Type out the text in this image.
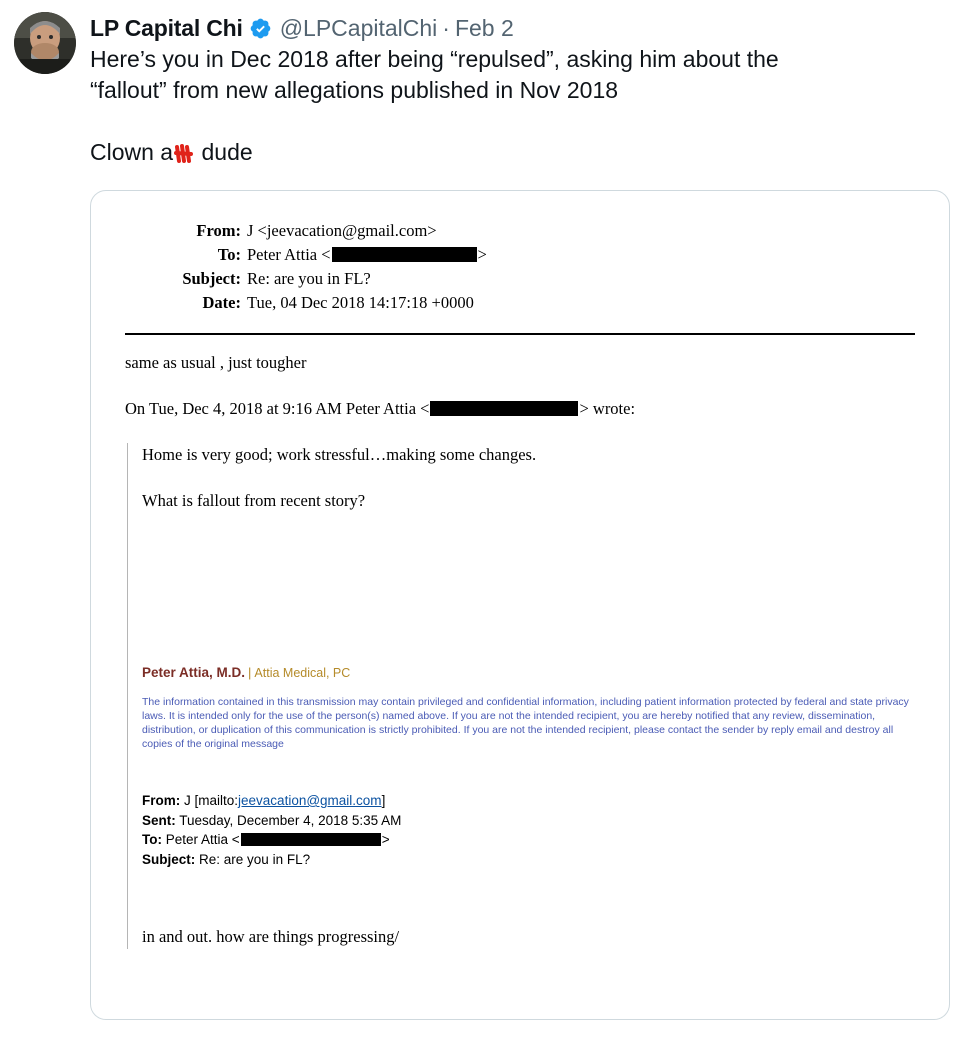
LP Capital Chi @LPCapitalChi · Feb 2

Here’s you in Dec 2018 after being “repulsed”, asking him about the

“fallout” from new allegations published in Nov 2018

Clown a
dude

From: J <jeevacation@gmail.com>
To: Peter Attia <	>
Subject: Re: are you in FL?
Date: Tue, 04 Dec 2018 14:17:18 +0000

same as usual , just tougher

On Tue, Dec 4, 2018 at 9:16 AM Peter Attia <	> wrote:

Home is very good; work stressful…making some changes.

What is fallout from recent story?

Peter Attia, M.D. | Attia Medical, PC
The information contained in this transmission may contain privileged and confidential information, including patient information protected by federal and state privacy laws. It is intended only for the use of the person(s) named above. If you are not the intended recipient, you are hereby notified that any review, dissemination, distribution, or duplication of this communication is strictly prohibited. If you are not the intended recipient, please contact the sender by reply email and destroy all copies of the original message
From: J [mailto:jeevacation@gmail.com]
Sent: Tuesday, December 4, 2018 5:35 AM
To: Peter Attia <	>
Subject: Re: are you in FL?
in and out. how are things progressing/
